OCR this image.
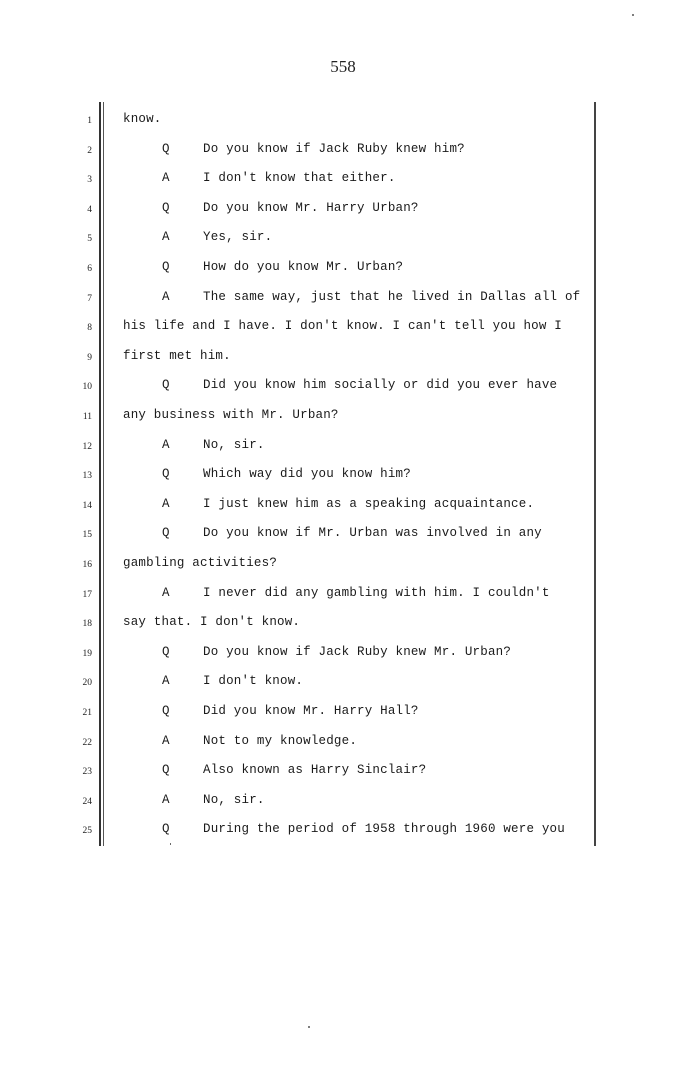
558
1 know.
2	Q	Do you know if Jack Ruby knew him?
3	A	I don't know that either.
4	Q	Do you know Mr. Harry Urban?
5	A	Yes, sir.
6	Q	How do you know Mr. Urban?
7	A	The same way, just that he lived in Dallas all of
8 his life and I have. I don't know. I can't tell you how I
9 first met him.
10	Q	Did you know him socially or did you ever have
11 any business with Mr. Urban?
12	A	No, sir.
13	Q	Which way did you know him?
14	A	I just knew him as a speaking acquaintance.
15	Q	Do you know if Mr. Urban was involved in any
16 gambling activities?
17	A	I never did any gambling with him. I couldn't
18 say that. I don't know.
19	Q	Do you know if Jack Ruby knew Mr. Urban?
20	A	I don't know.
21	Q	Did you know Mr. Harry Hall?
22	A	Not to my knowledge.
23	Q	Also known as Harry Sinclair?
24	A	No, sir.
25	Q	During the period of 1958 through 1960 were you
